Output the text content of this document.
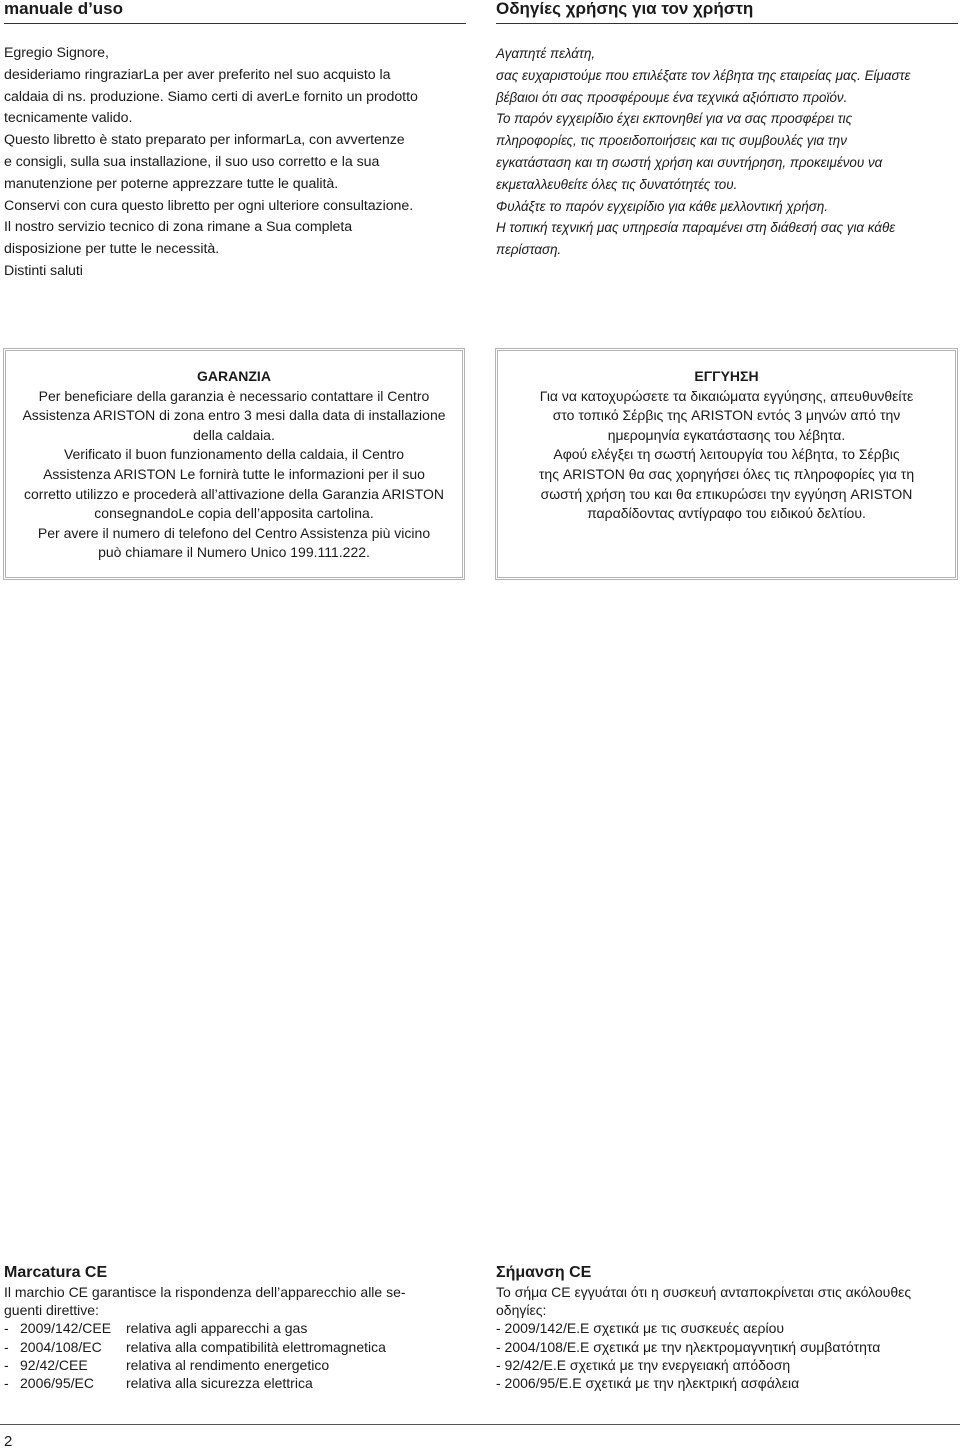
manuale d’uso	Οδηγίες χρήσης για τον χρήστη
Egregio Signore,
desideriamo ringraziarLa per aver preferito nel suo acquisto la
caldaia di ns. produzione. Siamo certi di averLe fornito un prodotto
tecnicamente valido.
Questo libretto è stato preparato per informarLa, con avvertenze
e consigli, sulla sua installazione, il suo uso corretto e la sua
manutenzione per poterne apprezzare tutte le qualità.
Conservi con cura questo libretto per ogni ulteriore consultazione.
Il nostro servizio tecnico di zona rimane a Sua completa
disposizione per tutte le necessità.
Distinti saluti
Αγαπητέ πελάτη,
σας ευχαριστούμε που επιλέξατε τον λέβητα της εταιρείας μας. Είμαστε
βέβαιοι ότι σας προσφέρουμε ένα τεχνικά αξιόπιστο προϊόν.
Το παρόν εγχειρίδιο έχει εκπονηθεί για να σας προσφέρει τις
πληροφορίες, τις προειδοποιήσεις και τις συμβουλές για την
εγκατάσταση και τη σωστή χρήση και συντήρηση, προκειμένου να
εκμεταλλευθείτε όλες τις δυνατότητές του.
Φυλάξτε το παρόν εγχειρίδιο για κάθε μελλοντική χρήση.
Η τοπική τεχνική μας υπηρεσία παραμένει στη διάθεσή σας για κάθε
περίσταση.
GARANZIA
Per beneficiare della garanzia è necessario contattare il Centro
Assistenza ARISTON di zona entro 3 mesi dalla data di installazione
della caldaia.
Verificato il buon funzionamento della caldaia, il Centro
Assistenza ARISTON Le fornirà tutte le informazioni per il suo
corretto utilizzo e procederà all’attivazione della Garanzia ARISTON
consegnandoLe copia dell’apposita cartolina.
Per avere il numero di telefono del Centro Assistenza più vicino
può chiamare il Numero Unico 199.111.222.
ΕΓΓΥΗΣΗ
Για να κατοχυρώσετε τα δικαιώματα εγγύησης, απευθυνθείτε
στο τοπικό Σέρβις της ARISTON εντός 3 μηνών από την
ημερομηνία εγκατάστασης του λέβητα.
Αφού ελέγξει τη σωστή λειτουργία του λέβητα, το Σέρβις
της ARISTON θα σας χορηγήσει όλες τις πληροφορίες για τη
σωστή χρήση του και θα επικυρώσει την εγγύηση ARISTON
παραδίδοντας αντίγραφο του ειδικού δελτίου.
Marcatura CE
Il marchio CE garantisce la rispondenza dell’apparecchio alle se-
guenti direttive:
-	2009/142/CEE	relativa agli apparecchi a gas
-	2004/108/EC	relativa alla compatibilità elettromagnetica
-	92/42/CEE	relativa al rendimento energetico
-	2006/95/EC	relativa alla sicurezza elettrica
Σήμανση CE
Το σήμα CE εγγυάται ότι η συσκευή ανταποκρίνεται στις ακόλουθες
οδηγίες:
- 2009/142/Ε.Ε σχετικά με τις συσκευές αερίου
- 2004/108/Ε.Ε σχετικά με την ηλεκτρομαγνητική συμβατότητα
- 92/42/Ε.Ε σχετικά με την ενεργειακή απόδοση
- 2006/95/Ε.Ε σχετικά με την ηλεκτρική ασφάλεια
2
